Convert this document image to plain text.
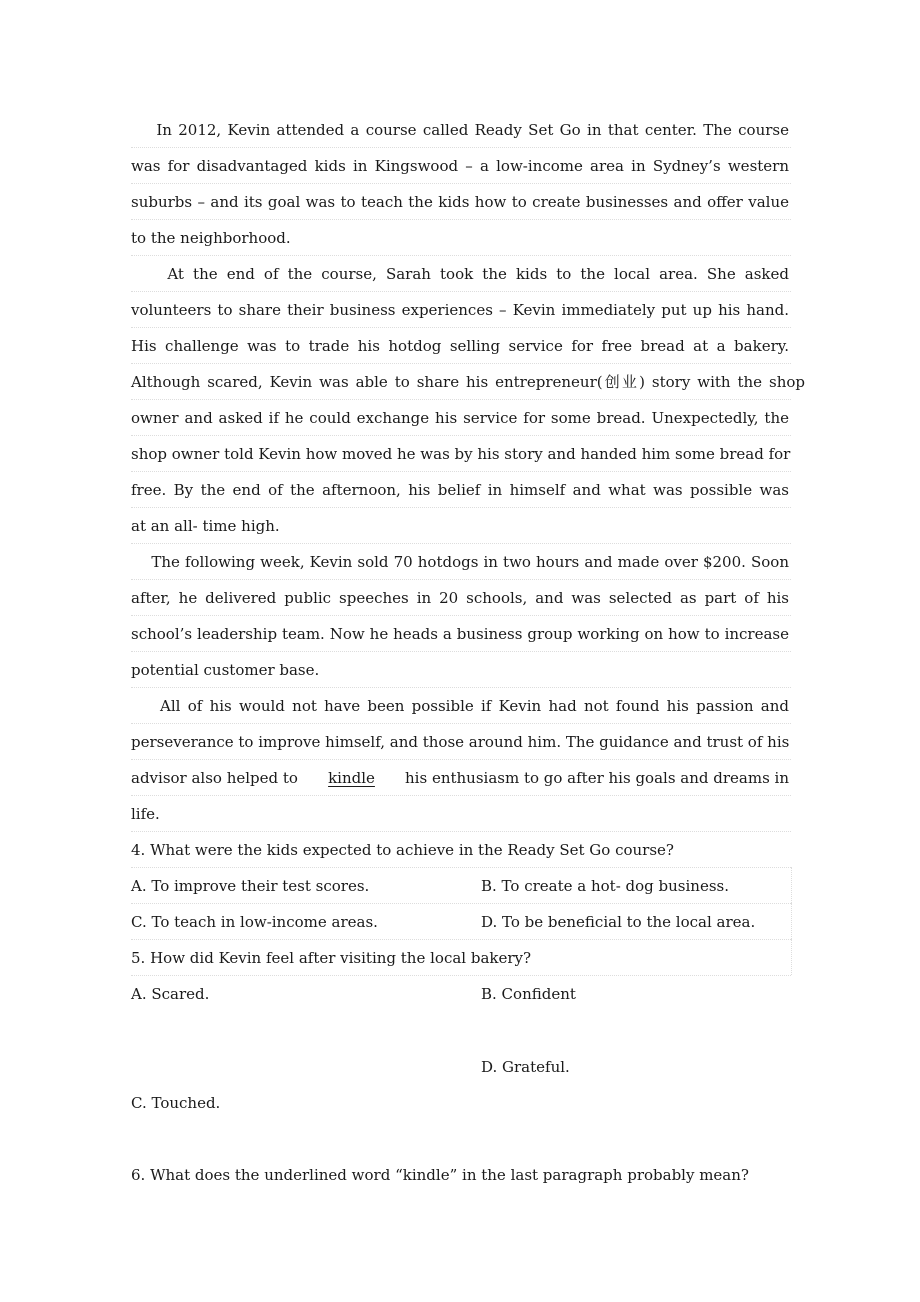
In 2012, Kevin attended a course called Ready Set Go in that center. The course
was for disadvantaged kids in Kingswood – a low-income area in Sydney’s western
suburbs – and its goal was to teach the kids how to create businesses and offer value
to the neighborhood.
At the end of the course, Sarah took the kids to the local area. She asked
volunteers to share their business experiences – Kevin immediately put up his hand.
His challenge was to trade his hotdog selling service for free bread at a bakery.
Although scared, Kevin was able to share his entrepreneur(创业) story with the shop
owner and asked if he could exchange his service for some bread. Unexpectedly, the
shop owner told Kevin how moved he was by his story and handed him some bread for
free. By the end of the afternoon, his belief in himself and what was possible was
at an all- time high.
The following week, Kevin sold 70 hotdogs in two hours and made over $200. Soon
after, he delivered public speeches in 20 schools, and was selected as part of his
school’s leadership team. Now he heads a business group working on how to increase
potential customer base.
All of his would not have been possible if Kevin had not found his passion and
perseverance to improve himself, and those around him. The guidance and trust of his
advisor also helped to kindle his enthusiasm to go after his goals and dreams in
life.
4. What were the kids expected to achieve in the Ready Set Go course?
A. To improve their test scores.	B. To create a hot- dog business.
C. To teach in low-income areas.	D. To be beneficial to the local area.
5. How did Kevin feel after visiting the local bakery?
A. Scared.	B. Confident
D. Grateful.
C. Touched.
6. What does the underlined word “kindle” in the last paragraph probably mean?
